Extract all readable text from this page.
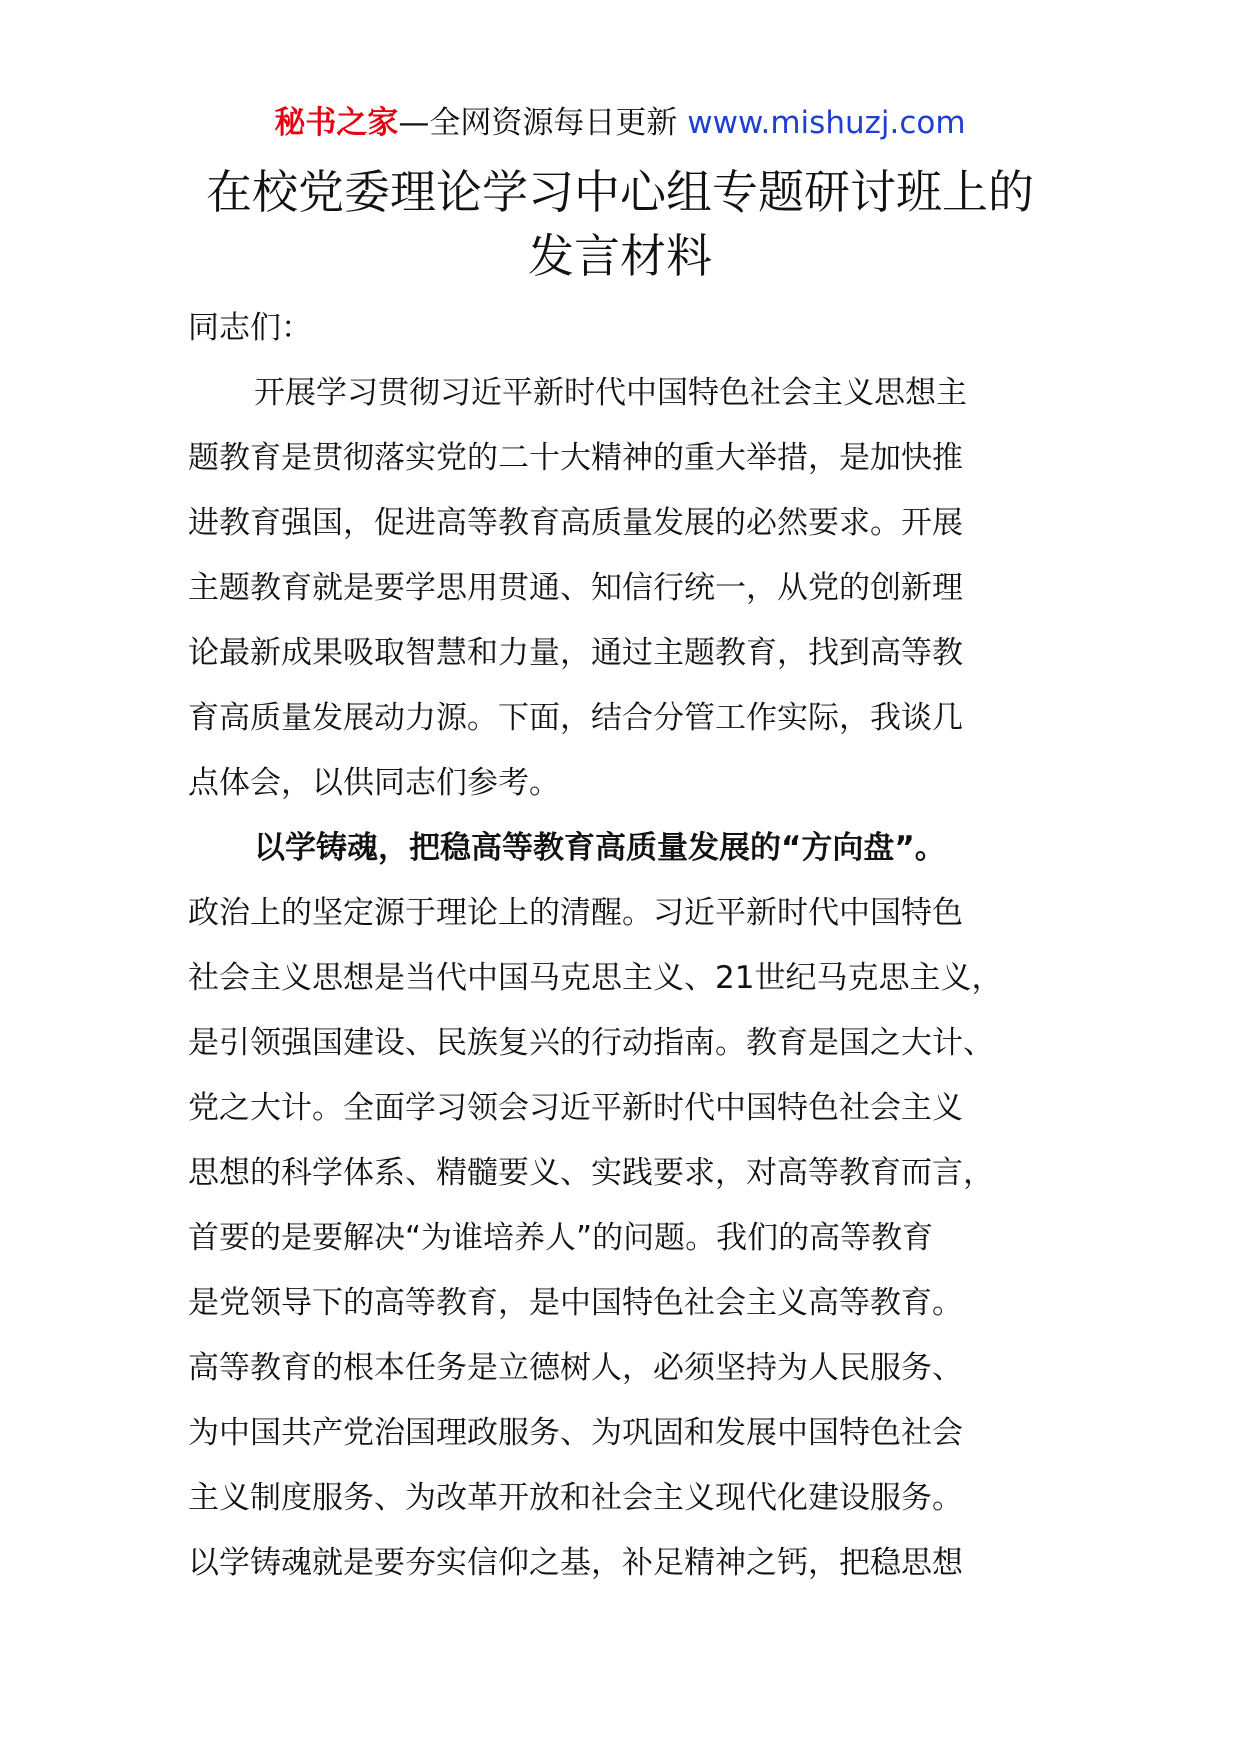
秘书之家—全网资源每日更新 www.mishuzj.com
在校党委理论学习中心组专题研讨班上的
发言材料
同志们：
开展学习贯彻习近平新时代中国特色社会主义思想主
题教育是贯彻落实党的二十大精神的重大举措，是加快推
进教育强国，促进高等教育高质量发展的必然要求。开展
主题教育就是要学思用贯通、知信行统一，从党的创新理
论最新成果吸取智慧和力量，通过主题教育，找到高等教
育高质量发展动力源。下面，结合分管工作实际，我谈几
点体会，以供同志们参考。
以学铸魂，把稳高等教育高质量发展的“方向盘”。
政治上的坚定源于理论上的清醒。习近平新时代中国特色
社会主义思想是当代中国马克思主义、21世纪马克思主义，
是引领强国建设、民族复兴的行动指南。教育是国之大计、
党之大计。全面学习领会习近平新时代中国特色社会主义
思想的科学体系、精髓要义、实践要求，对高等教育而言，
首要的是要解决“为谁培养人”的问题。我们的高等教育
是党领导下的高等教育，是中国特色社会主义高等教育。
高等教育的根本任务是立德树人，必须坚持为人民服务、
为中国共产党治国理政服务、为巩固和发展中国特色社会
主义制度服务、为改革开放和社会主义现代化建设服务。
以学铸魂就是要夯实信仰之基，补足精神之钙，把稳思想
